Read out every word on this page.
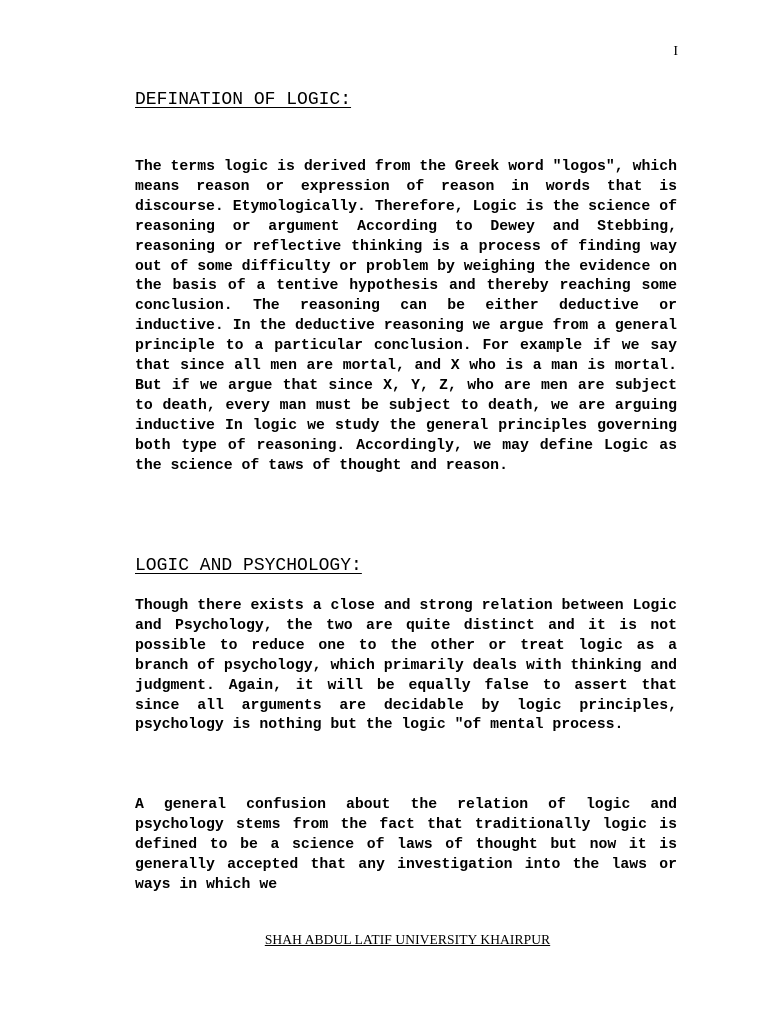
I
DEFINATION OF LOGIC:

The terms logic is derived from the Greek word "logos", which means reason or expression of reason in words that is discourse. Etymologically. Therefore, Logic is the science of reasoning or argument According to Dewey and Stebbing, reasoning or reflective thinking is a process of finding way out of some difficulty or problem by weighing the evidence on the basis of a tentive hypothesis and thereby reaching some conclusion. The reasoning can be either deductive or inductive. In the deductive reasoning we argue from a general principle to a particular conclusion. For example if we say that since all men are mortal, and X who is a man is mortal. But if we argue that since X, Y, Z, who are men are subject to death, every man must be subject to death, we are arguing inductive In logic we study the general principles governing both type of reasoning. Accordingly, we may define Logic as the science of taws of thought and reason.

LOGIC AND PSYCHOLOGY:

Though there exists a close and strong relation between Logic and Psychology, the two are quite distinct and it is not possible to reduce one to the other or treat logic as a branch of psychology, which primarily deals with thinking and judgment. Again, it will be equally false to assert that since all arguments are decidable by logic principles, psychology is nothing but the logic "of mental process.

A general confusion about the relation of logic and psychology stems from the fact that traditionally logic is defined to be a science of laws of thought but now it is generally accepted that any investigation into the laws or ways in which we

SHAH ABDUL LATIF UNIVERSITY KHAIRPUR
